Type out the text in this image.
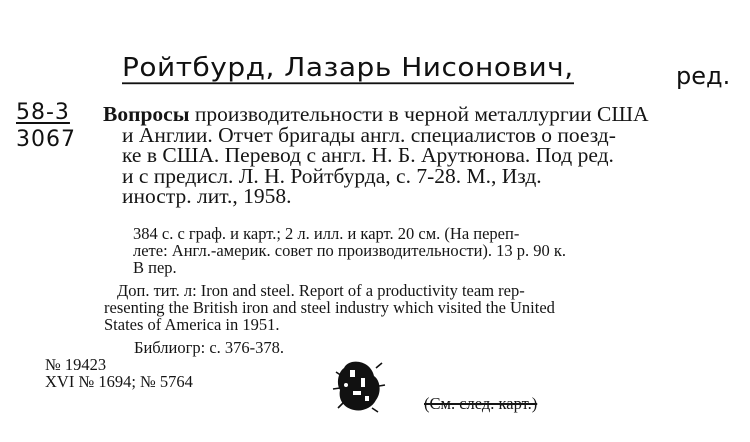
Ройтбурд, Лазарь Нисонович,	ред.
58-3
3067
Вопросы производительности в черной металлургии США
и Англии. Отчет бригады англ. специалистов о поезд-
ке в США. Перевод с англ. Н. Б. Арутюнова. Под ред.
и с предисл. Л. Н. Ройтбурда, с. 7-28. М., Изд.
иностр. лит., 1958.
384 с. с граф. и карт.; 2 л. илл. и карт. 20 см. (На переп-
лете: Англ.-америк. совет по производительности). 13 р. 90 к.
В пер.
Доп. тит. л: Iron and steel. Report of a productivity team rep-
resenting the British iron and steel industry which visited the United
States of America in 1951.
Библиогр: с. 376-378.
№ 19423
XVI № 1694; № 5764
(См. след. карт.)
